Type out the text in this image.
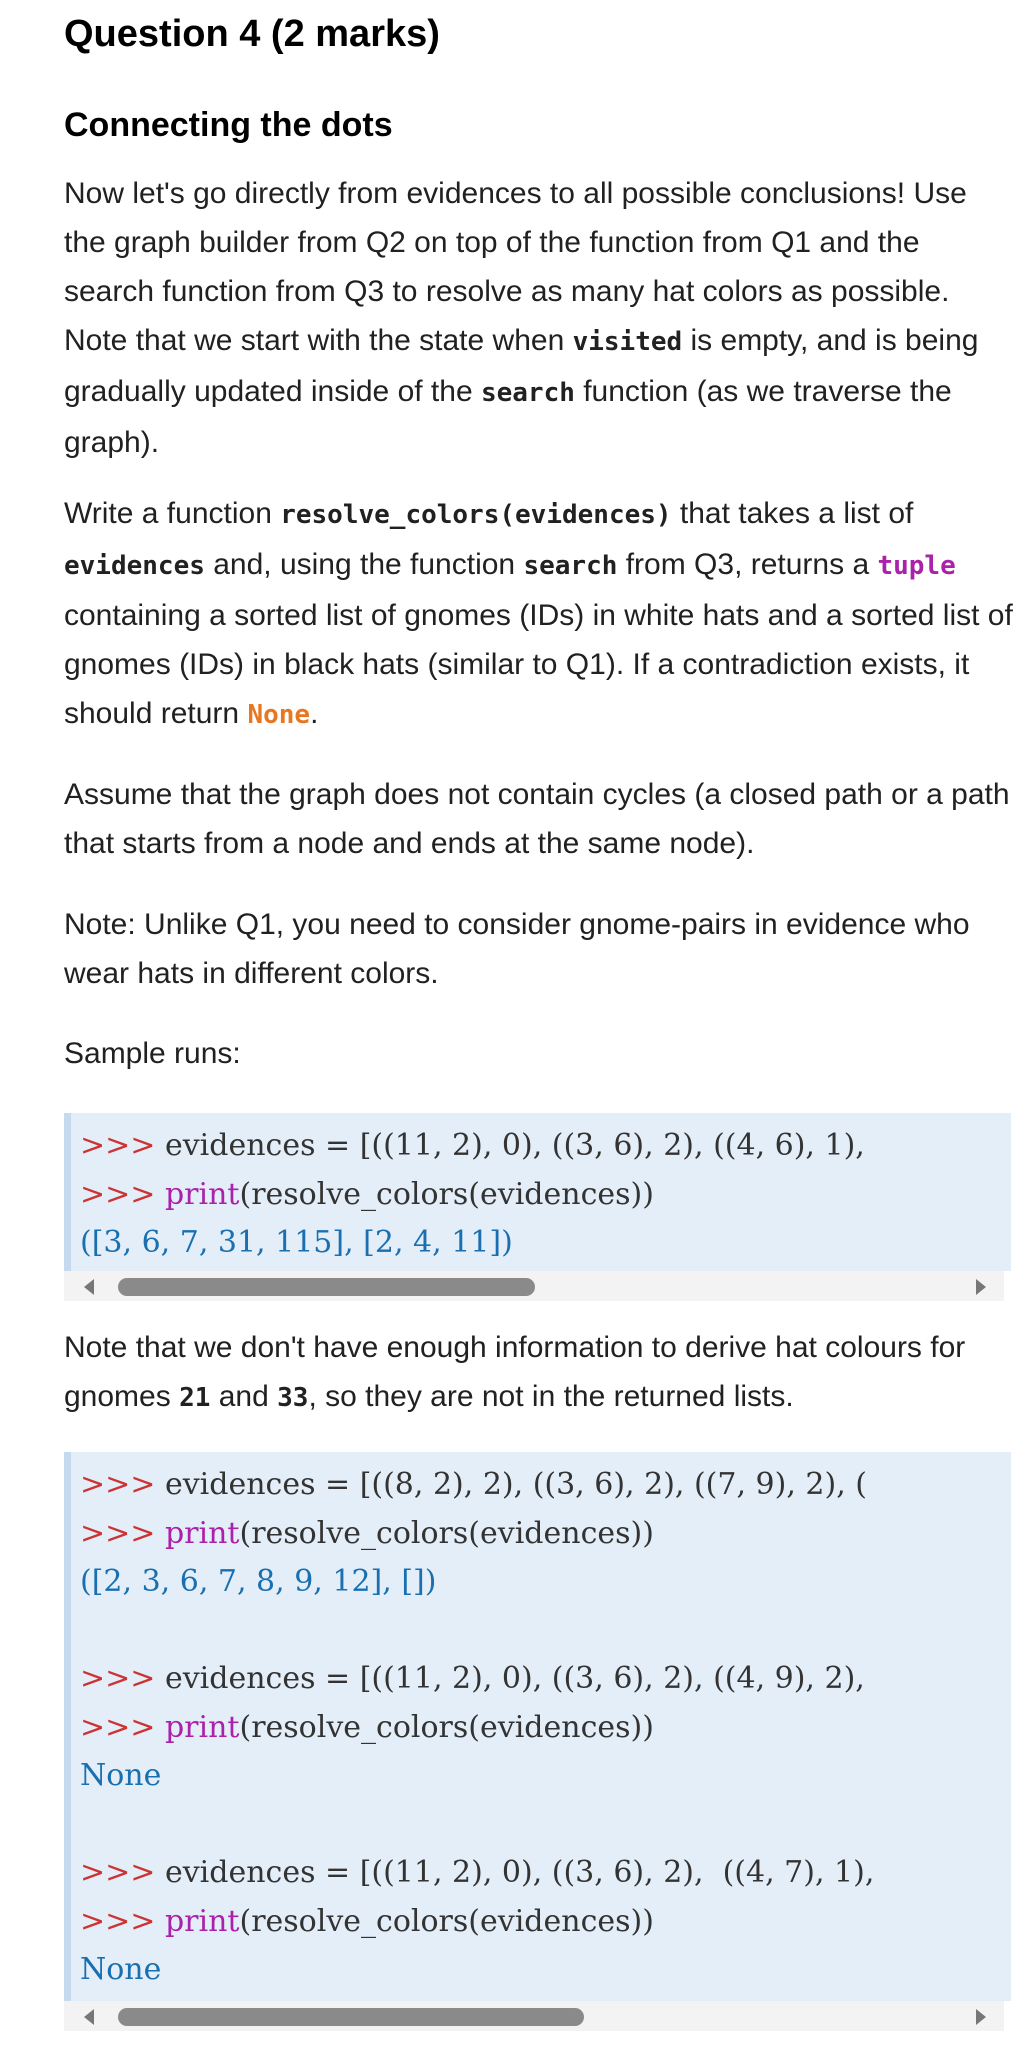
Question 4 (2 marks)
Connecting the dots

Now let's go directly from evidences to all possible conclusions! Use the graph builder from Q2 on top of the function from Q1 and the search function from Q3 to resolve as many hat colors as possible. Note that we start with the state when visited is empty, and is being gradually updated inside of the search function (as we traverse the graph).

Write a function resolve_colors(evidences) that takes a list of evidences and, using the function search from Q3, returns a tuple containing a sorted list of gnomes (IDs) in white hats and a sorted list of gnomes (IDs) in black hats (similar to Q1). If a contradiction exists, it should return None.

Assume that the graph does not contain cycles (a closed path or a path that starts from a node and ends at the same node).

Note: Unlike Q1, you need to consider gnome-pairs in evidence who wear hats in different colors.

Sample runs:

>>> evidences = [((11, 2), 0), ((3, 6), 2), ((4, 6), 1),
>>> print(resolve_colors(evidences))
([3, 6, 7, 31, 115], [2, 4, 11])

Note that we don't have enough information to derive hat colours for gnomes 21 and 33, so they are not in the returned lists.

>>> evidences = [((8, 2), 2), ((3, 6), 2), ((7, 9), 2), (
>>> print(resolve_colors(evidences))
([2, 3, 6, 7, 8, 9, 12], [])
>>> evidences = [((11, 2), 0), ((3, 6), 2), ((4, 9), 2),
>>> print(resolve_colors(evidences))
None
>>> evidences = [((11, 2), 0), ((3, 6), 2),  ((4, 7), 1),
>>> print(resolve_colors(evidences))
None
